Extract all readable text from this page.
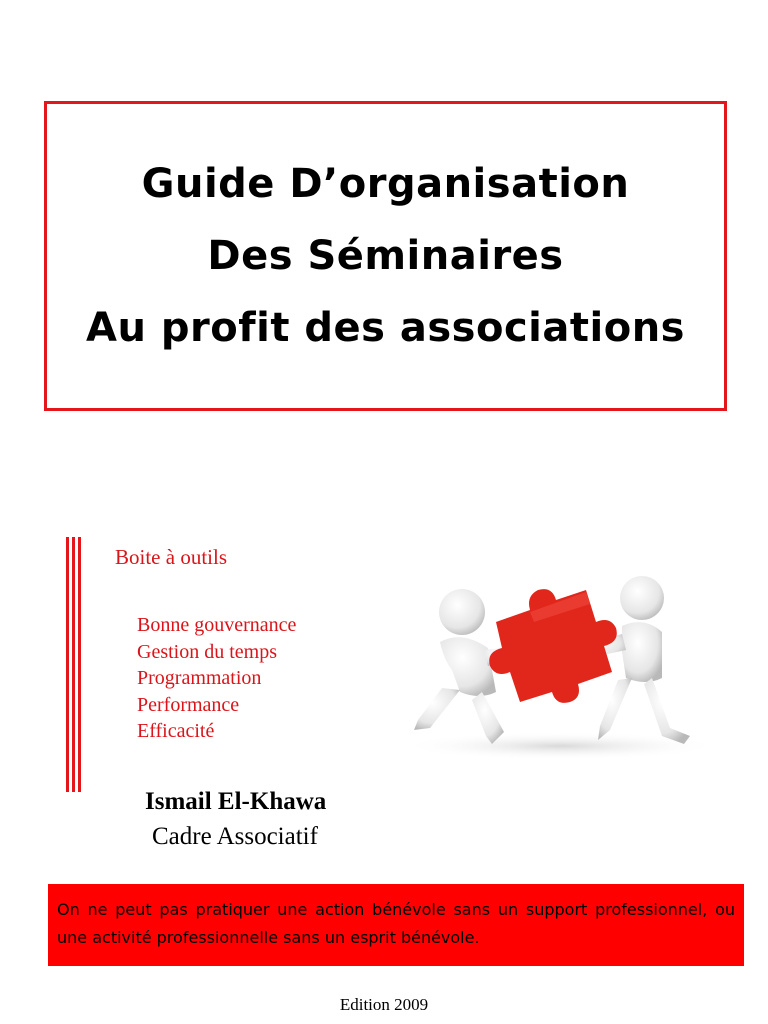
Guide D’organisation
Des Séminaires
Au profit des associations
Boite à outils
Bonne gouvernance
Gestion du temps
Programmation
Performance
Efficacité
Ismail El-Khawa
Cadre Associatif
On ne peut pas pratiquer une action bénévole sans un support professionnel, ou une activité professionnelle sans un esprit bénévole.
Edition 2009
